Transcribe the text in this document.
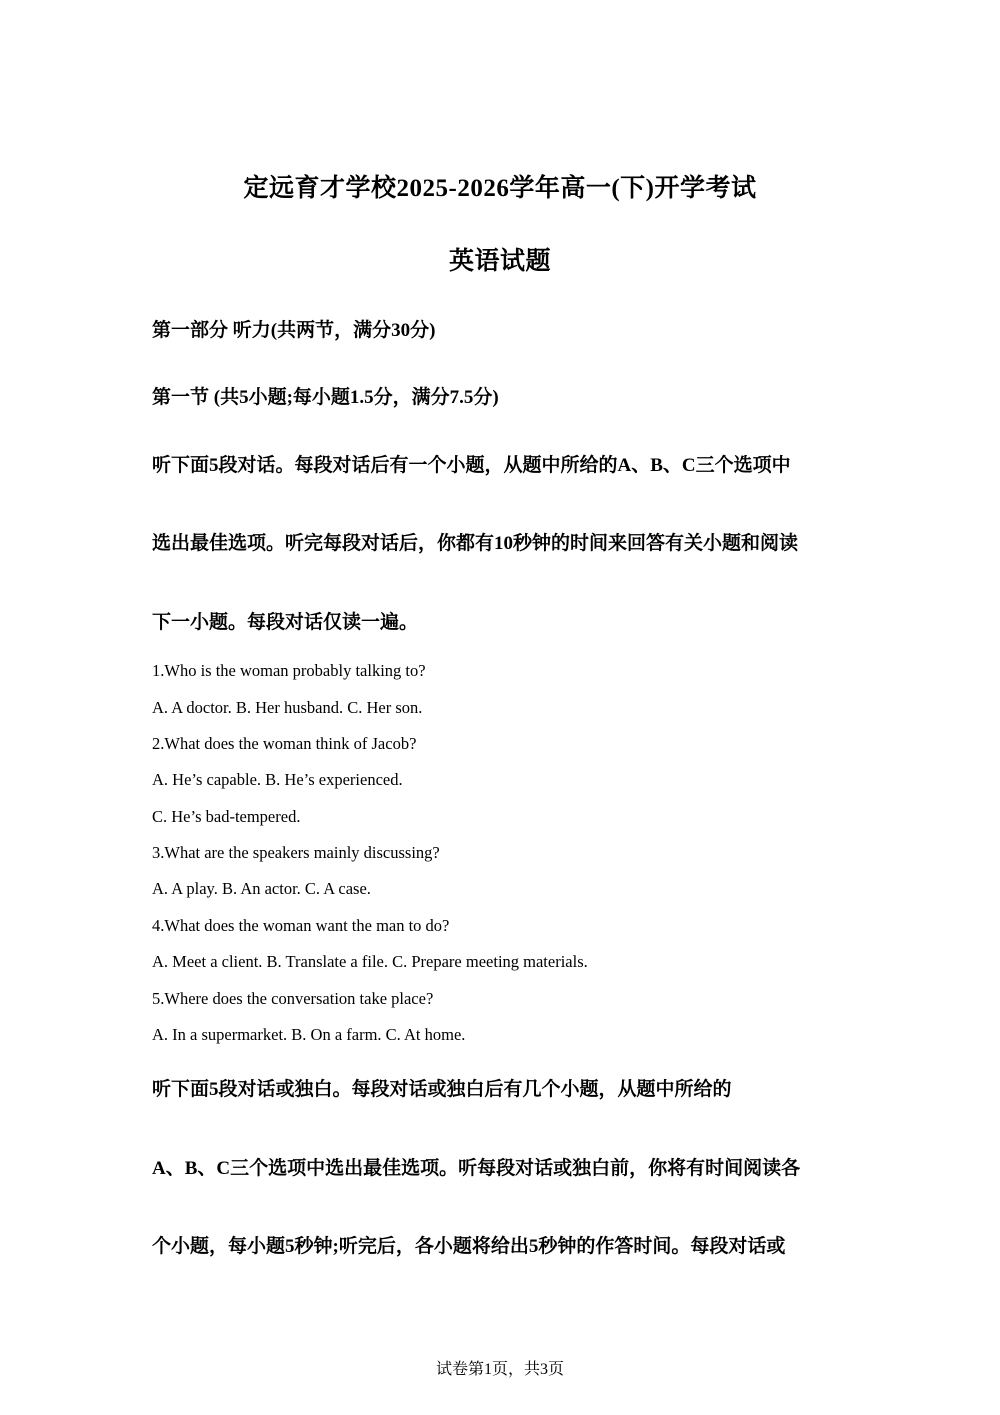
定远育才学校2025-2026学年高一(下)开学考试
英语试题
第一部分 听力(共两节，满分30分)
第一节 (共5小题;每小题1.5分，满分7.5分)
听下面5段对话。每段对话后有一个小题，从题中所给的A、B、C三个选项中
选出最佳选项。听完每段对话后，你都有10秒钟的时间来回答有关小题和阅读
下一小题。每段对话仅读一遍。
1.Who is the woman probably talking to?
A. A doctor. B. Her husband. C. Her son.
2.What does the woman think of Jacob?
A. He’s capable. B. He’s experienced.
C. He’s bad-tempered.
3.What are the speakers mainly discussing?
A. A play. B. An actor. C. A case.
4.What does the woman want the man to do?
A. Meet a client. B. Translate a file. C. Prepare meeting materials.
5.Where does the conversation take place?
A. In a supermarket. B. On a farm. C. At home.
听下面5段对话或独白。每段对话或独白后有几个小题，从题中所给的
A、B、C三个选项中选出最佳选项。听每段对话或独白前，你将有时间阅读各
个小题，每小题5秒钟;听完后，各小题将给出5秒钟的作答时间。每段对话或
试卷第1页，共3页
